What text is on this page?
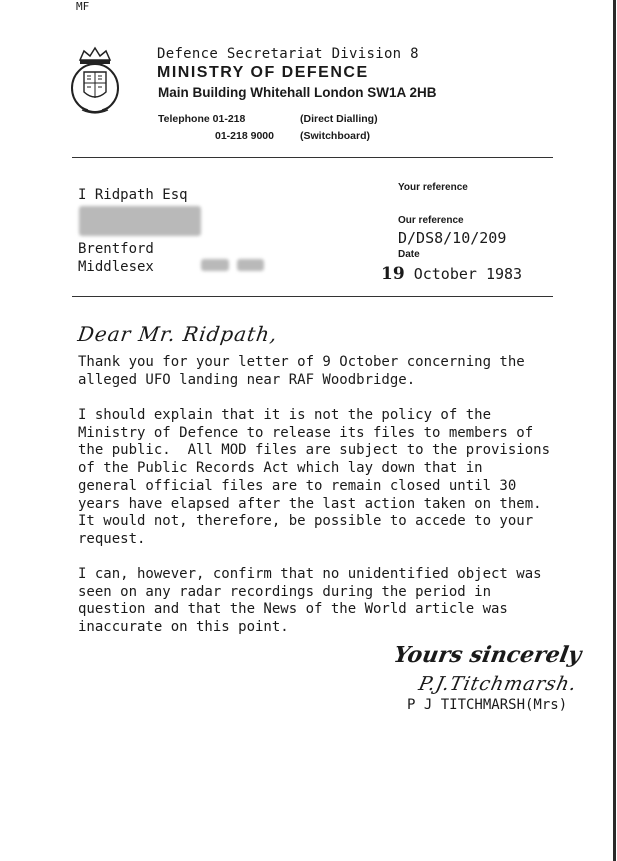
MF
Defence Secretariat Division 8
MINISTRY OF DEFENCE
Main Building Whitehall London SW1A 2HB
Telephone 01-218	(Direct Dialling)
01-218 9000 (Switchboard)
I Ridpath Esq
Brentford
Middlesex
Your reference
Our reference
D/DS8/10/209
Date
19 October 1983
Dear Mr. Ridpath,
Thank you for your letter of 9 October concerning the
alleged UFO landing near RAF Woodbridge.
I should explain that it is not the policy of the
Ministry of Defence to release its files to members of
the public.  All MOD files are subject to the provisions
of the Public Records Act which lay down that in
general official files are to remain closed until 30
years have elapsed after the last action taken on them.
It would not, therefore, be possible to accede to your
request.
I can, however, confirm that no unidentified object was
seen on any radar recordings during the period in
question and that the News of the World article was
inaccurate on this point.
Yours sincerely
P.J.Titchmarsh.
P J TITCHMARSH(Mrs)
